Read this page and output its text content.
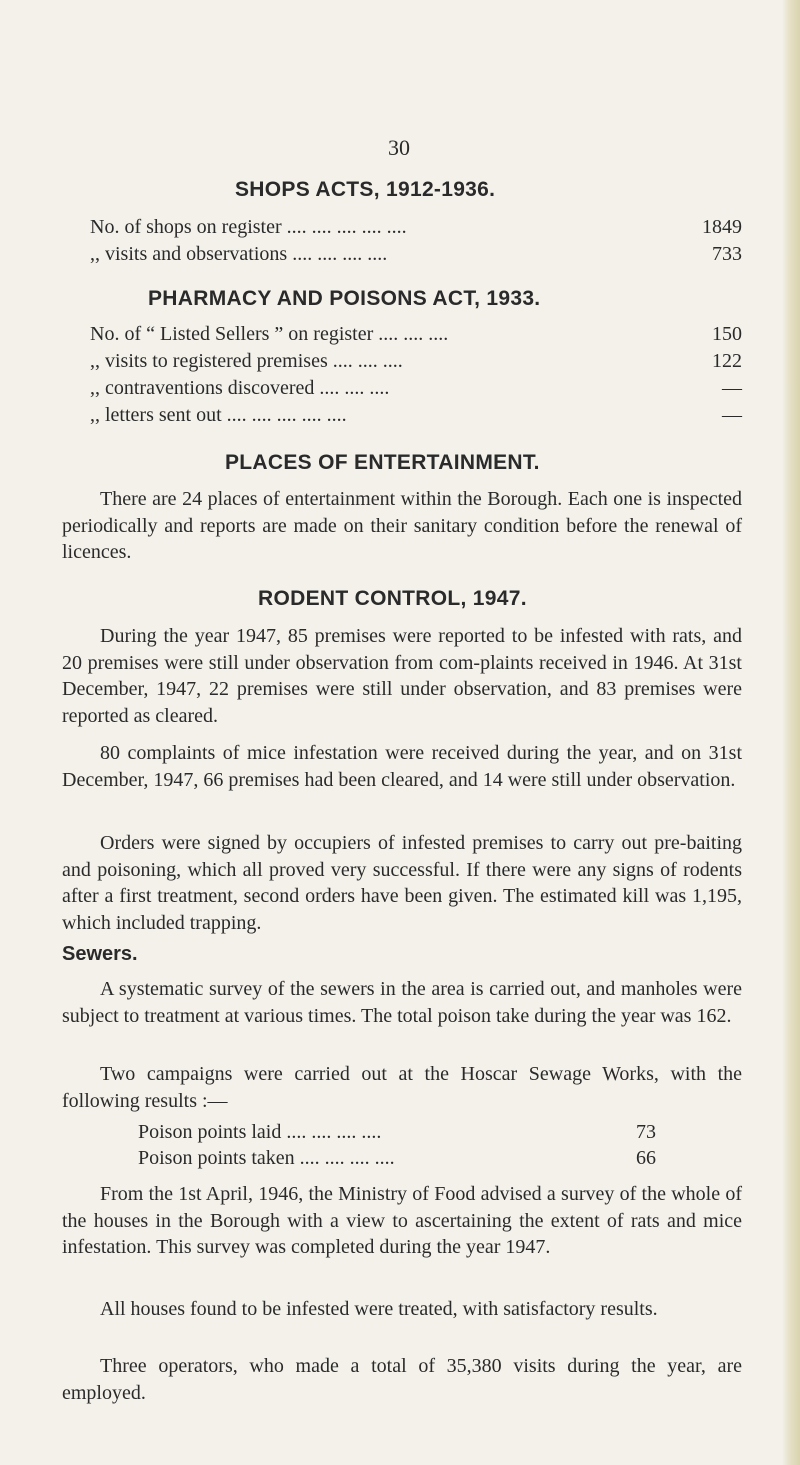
30
SHOPS ACTS, 1912-1936.
No. of shops on register .... .... .... .... ....	1849
,, visits and observations .... .... .... ....	733
PHARMACY AND POISONS ACT, 1933.
No. of “ Listed Sellers ” on register .... .... ....	150
,, visits to registered premises .... .... ....	122
,, contraventions discovered .... .... ....	—
,, letters sent out .... .... .... .... ....	—
PLACES OF ENTERTAINMENT.

There are 24 places of entertainment within the Borough. Each one is inspected periodically and reports are made on their sanitary condition before the renewal of licences.

RODENT CONTROL, 1947.

During the year 1947, 85 premises were reported to be infested with rats, and 20 premises were still under observation from com-plaints received in 1946. At 31st December, 1947, 22 premises were still under observation, and 83 premises were reported as cleared.

80 complaints of mice infestation were received during the year, and on 31st December, 1947, 66 premises had been cleared, and 14 were still under observation.

Orders were signed by occupiers of infested premises to carry out pre-baiting and poisoning, which all proved very successful. If there were any signs of rodents after a first treatment, second orders have been given. The estimated kill was 1,195, which included trapping.

Sewers.

A systematic survey of the sewers in the area is carried out, and manholes were subject to treatment at various times. The total poison take during the year was 162.

Two campaigns were carried out at the Hoscar Sewage Works, with the following results :—

Poison points laid .... .... .... ....	73
Poison points taken .... .... .... ....	66

From the 1st April, 1946, the Ministry of Food advised a survey of the whole of the houses in the Borough with a view to ascertaining the extent of rats and mice infestation. This survey was completed during the year 1947.

All houses found to be infested were treated, with satisfactory results.

Three operators, who made a total of 35,380 visits during the year, are employed.
